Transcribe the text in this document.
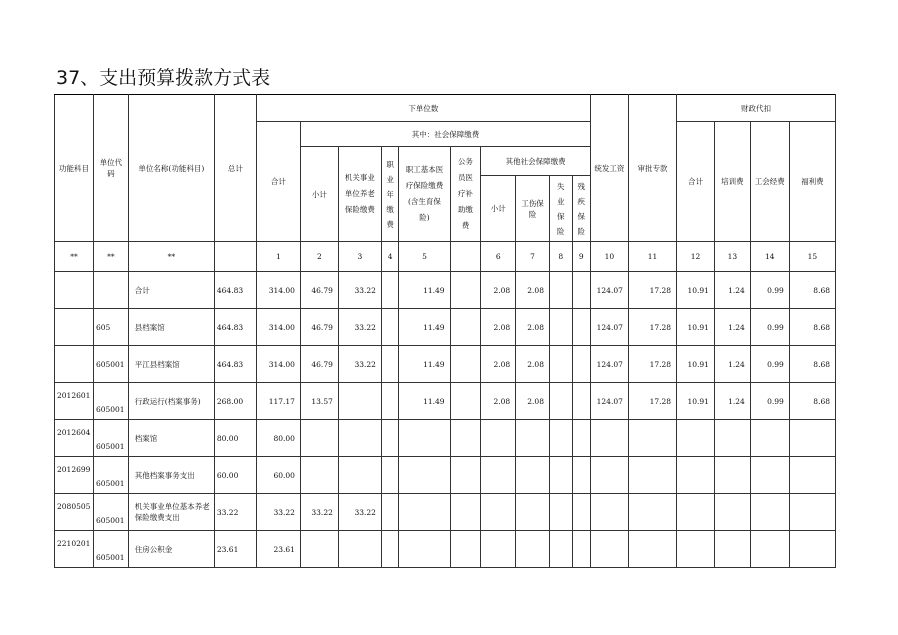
37、支出预算拨款方式表
功能科目	单位代码	单位名称(功能科目)	总计	下单位数										统发工资	审批专款	财政代扣			
				合计	其中：社会保障缴费											合计	培训费	工会经费	福利费
					小计	机关事业单位养老保险缴费	职业年缴费	职工基本医疗保险缴费(含生育保险)	公务员医疗补助缴费	其他社会保障缴费									
										小计	工伤保险	失业保险	残疾保险						
**	**	**		1	2	3	4	5		6	7	8	9	10	11	12	13	14	15

		合计	464.83	314.00	46.79	33.22		11.49		2.08	2.08			124.07	17.28	10.91	1.24	0.99	8.68

	605	县档案馆	464.83	314.00	46.79	33.22		11.49		2.08	2.08			124.07	17.28	10.91	1.24	0.99	8.68

	605001	平江县档案馆	464.83	314.00	46.79	33.22		11.49		2.08	2.08			124.07	17.28	10.91	1.24	0.99	8.68

2012601	605001	行政运行(档案事务)	268.00	117.17	13.57			11.49		2.08	2.08			124.07	17.28	10.91	1.24	0.99	8.68

2012604	605001	档案馆	80.00	80.00															

2012699	605001	其他档案事务支出	60.00	60.00															

2080505	605001	机关事业单位基本养老保险缴费支出	33.22	33.22	33.22	33.22													

2210201	605001	住房公积金	23.61	23.61															
